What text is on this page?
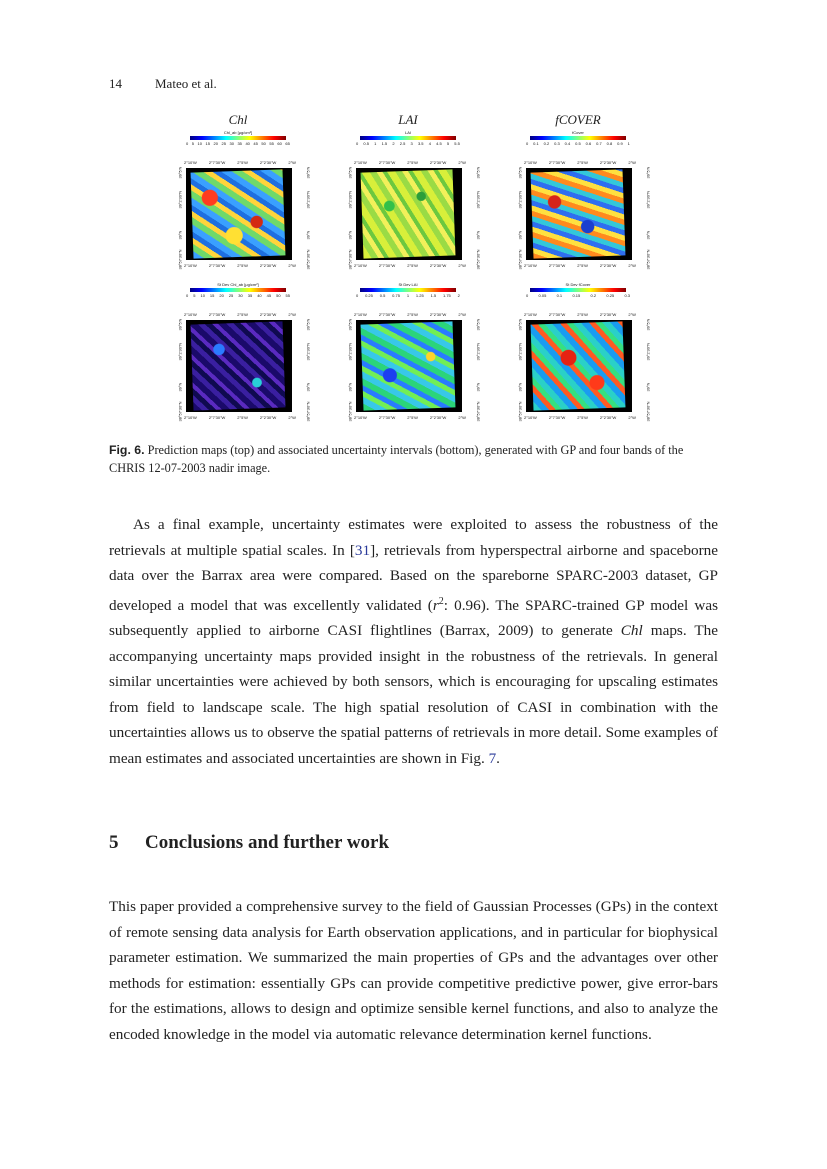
14	Mateo et al.
Chl	LAI	fCOVER
Chl_ab [μg/cm²]
0 5 10 15 20 25 30 35 40 45 50 55 60 65
2°10'W	2°7'30"W	2°5'W	2°2'30"W	2°W
39°5'N
39°2'30"N
39°N
38°57'30"N
39°5'N
39°2'30"N
39°N
38°57'30"N
2°10'W	2°7'30"W	2°5'W	2°2'30"W	2°W
LAI
0 0.5 1 1.5 2 2.5 3 3.5 4 4.5 5 5.5
2°10'W	2°7'30"W	2°5'W	2°2'30"W	2°W
39°5'N
39°2'30"N
39°N
38°57'30"N
39°5'N
39°2'30"N
39°N
38°57'30"N
2°10'W	2°7'30"W	2°5'W	2°2'30"W	2°W
fCover
0 0.1 0.2 0.3 0.4 0.5 0.6 0.7 0.8 0.9 1
2°10'W	2°7'30"W	2°5'W	2°2'30"W	2°W
39°5'N
39°2'30"N
39°N
38°57'30"N
39°5'N
39°2'30"N
39°N
38°57'30"N
2°10'W	2°7'30"W	2°5'W	2°2'30"W	2°W
St Dev Chl_ab [μg/cm²]
0 5 10 15 20 25 30 35 40 45 50 55
2°10'W	2°7'30"W	2°5'W	2°2'30"W	2°W
39°5'N
39°2'30"N
39°N
38°57'30"N
39°5'N
39°2'30"N
39°N
38°57'30"N
2°10'W	2°7'30"W	2°5'W	2°2'30"W	2°W
St Dev LAI
0 0.25 0.5 0.75 1 1.25 1.5 1.75 2
2°10'W	2°7'30"W	2°5'W	2°2'30"W	2°W
39°5'N
39°2'30"N
39°N
38°57'30"N
39°5'N
39°2'30"N
39°N
38°57'30"N
2°10'W	2°7'30"W	2°5'W	2°2'30"W	2°W
St Dev fCover
0	0.05	0.1	0.15	0.2	0.25	0.3
2°10'W	2°7'30"W	2°5'W	2°2'30"W	2°W
39°5'N
39°2'30"N
39°N
38°57'30"N
39°5'N
39°2'30"N
39°N
38°57'30"N
2°10'W	2°7'30"W	2°5'W	2°2'30"W	2°W
Fig. 6. Prediction maps (top) and associated uncertainty intervals (bottom), generated with GP and four bands of the CHRIS 12-07-2003 nadir image.

As a final example, uncertainty estimates were exploited to assess the robustness of the retrievals at multiple spatial scales. In [31], retrievals from hyperspectral airborne and spaceborne data over the Barrax area were compared. Based on the spareborne SPARC-2003 dataset, GP developed a model that was excellently validated ($r^2$: 0.96). The SPARC-trained GP model was subsequently applied to airborne CASI flightlines (Barrax, 2009) to generate Chl maps. The accompanying uncertainty maps provided insight in the robustness of the retrievals. In general similar uncertainties were achieved by both sensors, which is encouraging for upscaling estimates from field to landscape scale. The high spatial resolution of CASI in combination with the uncertainties allows us to observe the spatial patterns of retrievals in more detail. Some examples of mean estimates and associated uncertainties are shown in Fig. 7.

5 Conclusions and further work

This paper provided a comprehensive survey to the field of Gaussian Processes (GPs) in the context of remote sensing data analysis for Earth observation applications, and in particular for biophysical parameter estimation. We summarized the main properties of GPs and the advantages over other methods for estimation: essentially GPs can provide competitive predictive power, give error-bars for the estimations, allows to design and optimize sensible kernel functions, and also to analyze the encoded knowledge in the model via automatic relevance determination kernel functions.
